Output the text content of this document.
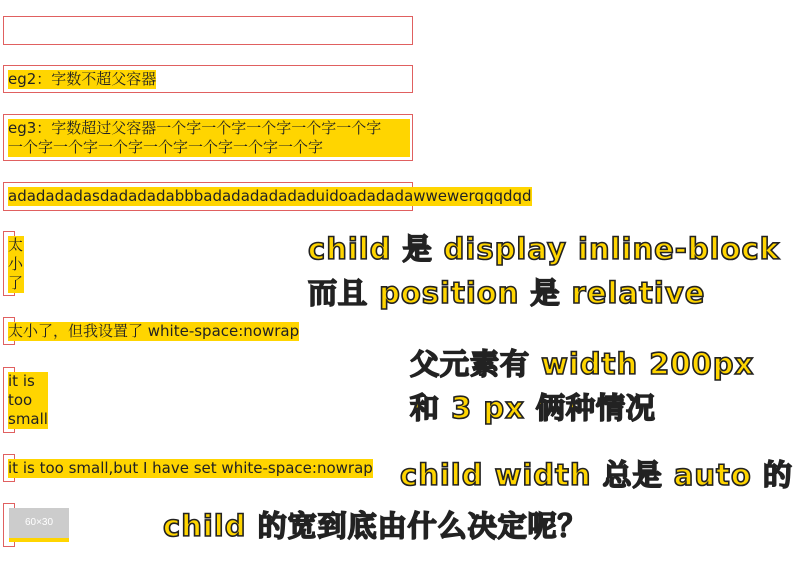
eg2：字数不超父容器
eg3：字数超过父容器一个字一个字一个字一个字一个字
一个字一个字一个字一个字一个字一个字一个字
adadadadasdadadadabbbadadadadadaduidoadadadawwewerqqqdqd
太
小
了
太小了，但我设置了 white-space:nowrap
it is
too
small
it is too small,but I have set white-space:nowrap
60×30
child 是 display inline-block
而且 position 是 relative
父元素有 width 200px
和 3 px 俩种情况
child width 总是 auto 的
child 的宽到底由什么决定呢？
